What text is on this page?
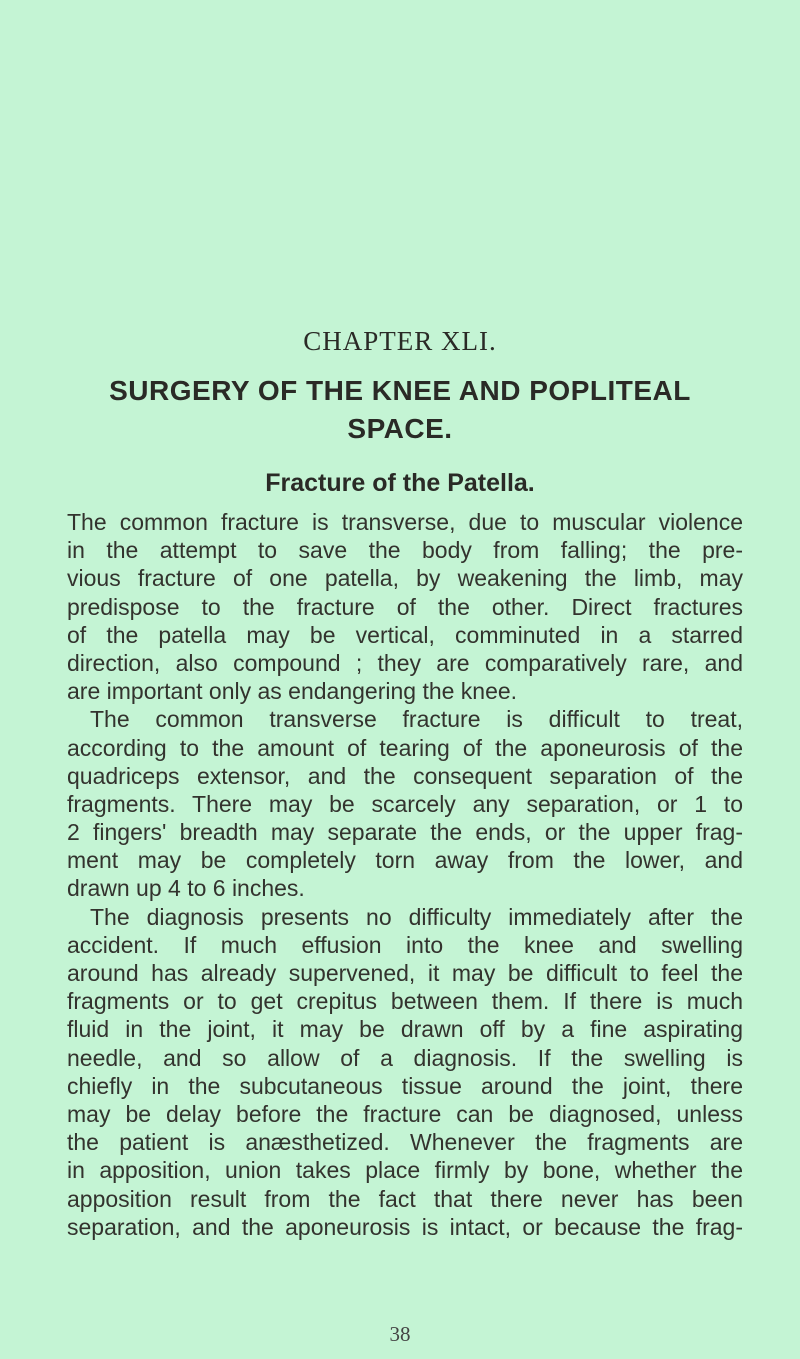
CHAPTER XLI.
SURGERY OF THE KNEE AND POPLITEAL
SPACE.
Fracture of the Patella.
The common fracture is transverse, due to muscular violence
in the attempt to save the body from falling; the pre-
vious fracture of one patella, by weakening the limb, may
predispose to the fracture of the other. Direct fractures
of the patella may be vertical, comminuted in a starred
direction, also compound ; they are comparatively rare, and
are important only as endangering the knee.
The common transverse fracture is difficult to treat,
according to the amount of tearing of the aponeurosis of the
quadriceps extensor, and the consequent separation of the
fragments. There may be scarcely any separation, or 1 to
2 fingers' breadth may separate the ends, or the upper frag-
ment may be completely torn away from the lower, and
drawn up 4 to 6 inches.
The diagnosis presents no difficulty immediately after the
accident. If much effusion into the knee and swelling
around has already supervened, it may be difficult to feel the
fragments or to get crepitus between them. If there is much
fluid in the joint, it may be drawn off by a fine aspirating
needle, and so allow of a diagnosis. If the swelling is
chiefly in the subcutaneous tissue around the joint, there
may be delay before the fracture can be diagnosed, unless
the patient is anæsthetized. Whenever the fragments are
in apposition, union takes place firmly by bone, whether the
apposition result from the fact that there never has been
separation, and the aponeurosis is intact, or because the frag-
38
